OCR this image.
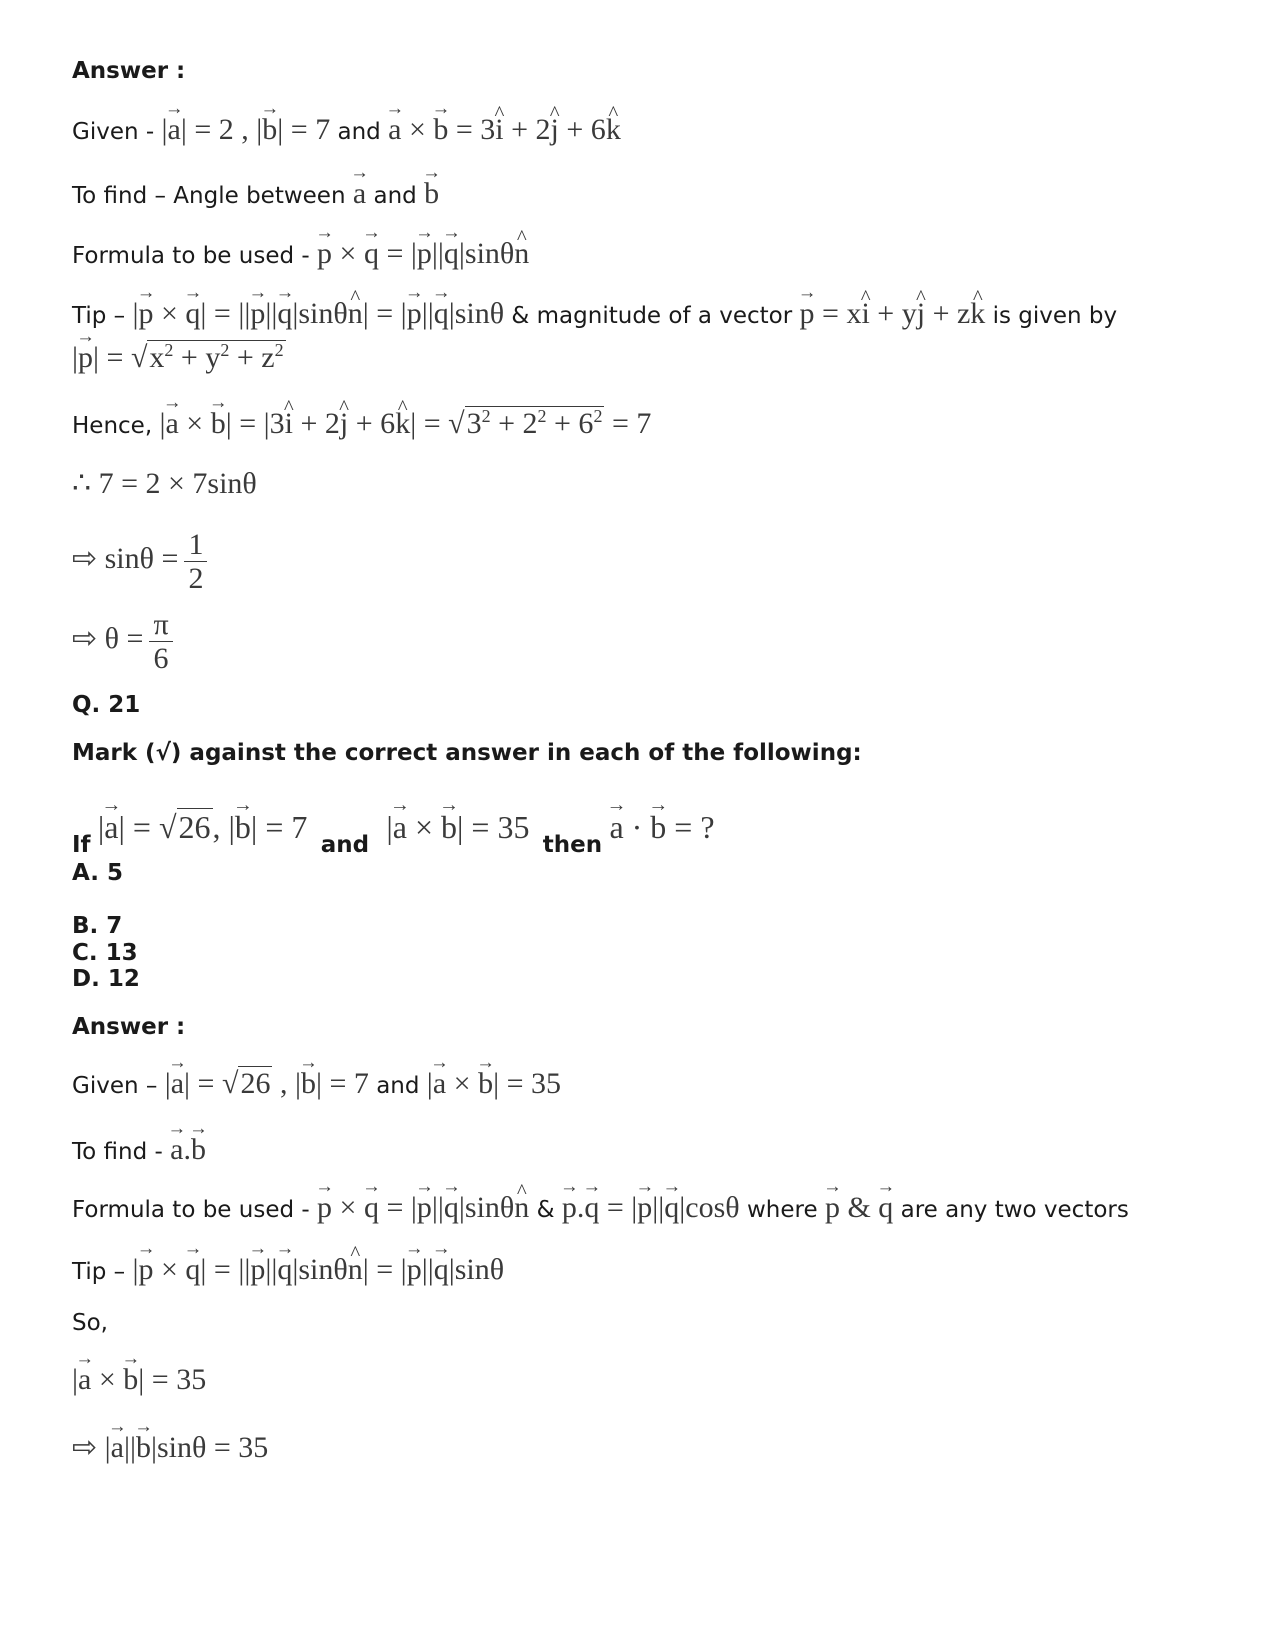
Answer :
Given - |a →| = 2 , |b →| = 7 and a → × b → = 3i ^ + 2j ^ + 6k ^
To find – Angle between a → and b →
Formula to be used - p → × q → = |p →||q →|sinθn ^
Tip – |p → × q →| = ||p →||q →|sinθn ^| = |p →||q →|sinθ & magnitude of a vector p → = xi ^ + yj ^ + zk ^ is given by
|p →| = $√x^2 + y^2 + z^2$
Hence, |a → × b →| = |3i ^ + 2j ^ + 6k ^| = $√3^2 + 2^2 + 6^2 = 7$
∴ 7 = 2 × 7sinθ
⇨ $\sin\theta = \frac{1}{2}$
⇨ $\theta = \frac{\pi}{6}$
Q. 21
Mark (√) against the correct answer in each of the following:
If |a →| = √26, |b →| = 7 and |a → × b →| = 35 then a → · b → = ?
A. 5
B. 7
C. 13
D. 12
Answer :
Given – |a →| = √26 , |b →| = 7 and |a → × b →| = 35
To find - a →.b →
Formula to be used - p → × q → = |p →||q →|sinθn ^ & p →.q → = |p →||q →|cosθ where p → & q → are any two vectors
Tip – |p → × q →| = ||p →||q →|sinθn ^| = |p →||q →|sinθ
So,
|a → × b →| = 35
⇨ |a →||b →|sinθ = 35
